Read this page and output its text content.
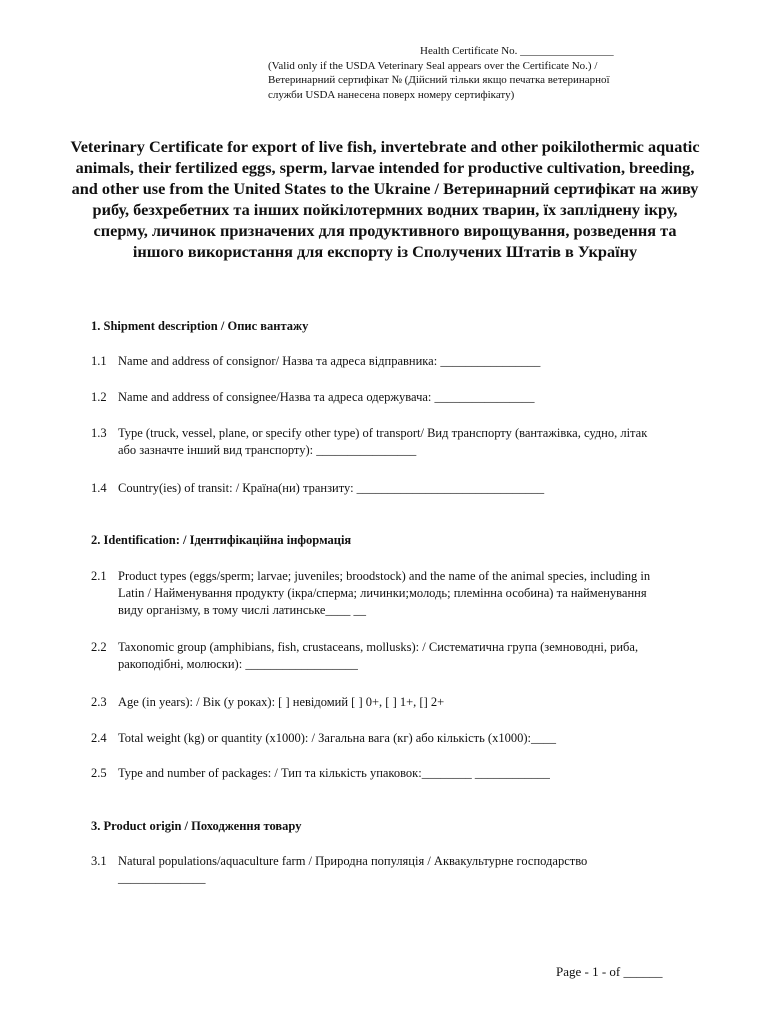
Health Certificate No. _________________
(Valid only if the USDA Veterinary Seal appears over the Certificate No.) /
Ветеринарний сертифікат № (Дійсний тільки якщо печатка ветеринарної
служби USDA нанесена поверх номеру сертифікату)
Veterinary Certificate for export of live fish, invertebrate and other poikilothermic aquatic animals, their fertilized eggs, sperm, larvae intended for productive cultivation, breeding, and other use from the United States to the Ukraine / Ветеринарний сертифікат на живу рибу, безхребетних та інших пойкілотермних водних тварин, їх запліднену ікру, сперму, личинок призначених для продуктивного вирощування, розведення та іншого використання для експорту із Сполучених Штатів в Україну
1. Shipment description / Опис вантажу
1.1 Name and address of consignor/ Назва та адреса відправника: ________________
1.2 Name and address of consignee/Назва та адреса одержувача: ________________
1.3 Type (truck, vessel, plane, or specify other type) of transport/ Вид транспорту (вантажівка, судно, літак або зазначте інший вид транспорту): ________________
1.4 Country(ies) of transit: / Країна(ни) транзиту: ______________________________
2. Identification: / Ідентифікаційна інформація
2.1 Product types (eggs/sperm; larvae; juveniles; broodstock) and the name of the animal species, including in Latin / Найменування продукту (ікра/сперма; личинки;молодь; племінна особина) та найменування виду організму, в тому числі латинське____ __
2.2 Taxonomic group (amphibians, fish, crustaceans, mollusks): / Систематична група (земноводні, риба, ракоподібні, молюски): __________________
2.3 Age (in years): / Вік (у роках): [ ] невідомий [ ] 0+, [ ] 1+, [] 2+
2.4 Total weight (kg) or quantity (x1000): / Загальна вага (кг) або кількість (x1000):____
2.5 Type and number of packages: / Тип та кількість упаковок:________ ____________
3. Product origin / Походження товару
3.1 Natural populations/aquaculture farm / Природна популяція / Аквакультурне господарство ______________
Page - 1 - of ______
